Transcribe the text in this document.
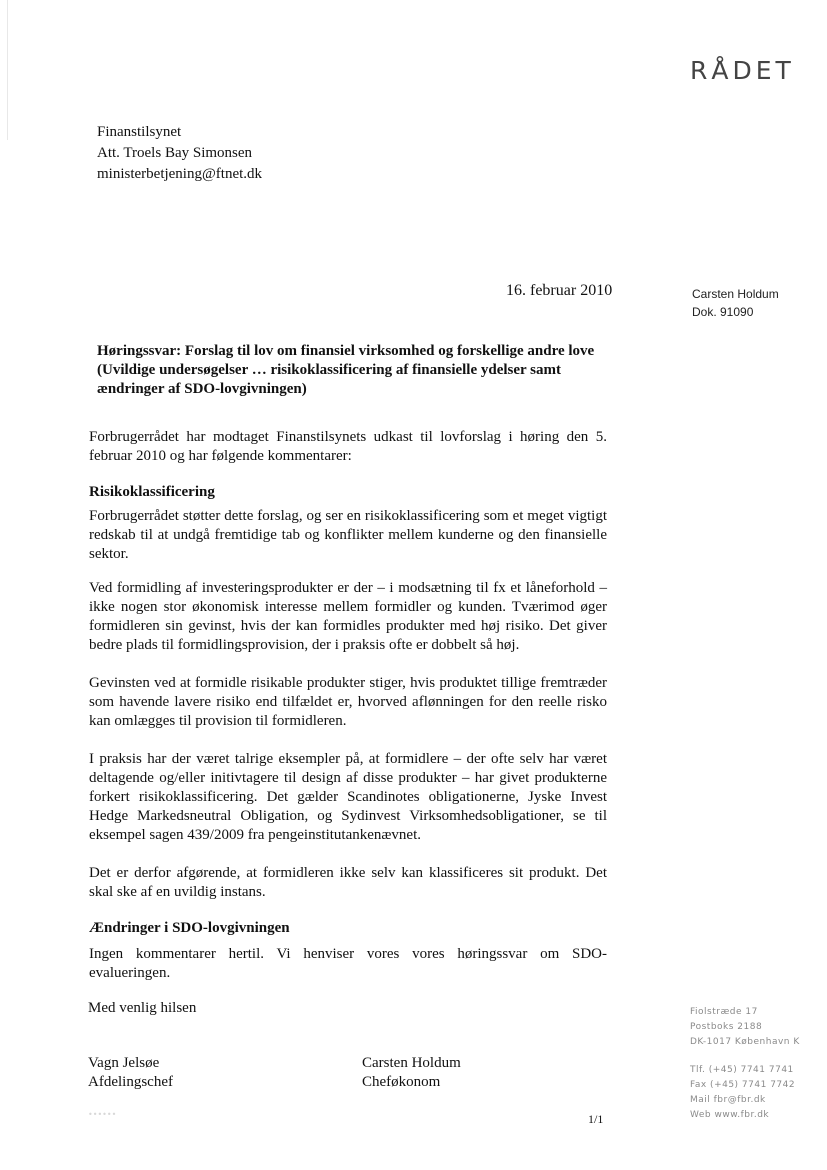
RÅDET
Finanstilsynet
Att. Troels Bay Simonsen
ministerbetjening@ftnet.dk
16. februar 2010	Carsten Holdum
Dok. 91090
Høringssvar: Forslag til lov om finansiel virksomhed og forskellige andre love (Uvildige undersøgelser … risikoklassificering af finansielle ydelser samt ændringer af SDO-lovgivningen)
Forbrugerrådet har modtaget Finanstilsynets udkast til lovforslag i høring den 5. februar 2010 og har følgende kommentarer:
Risikoklassificering
Forbrugerrådet støtter dette forslag, og ser en risikoklassificering som et meget vigtigt redskab til at undgå fremtidige tab og konflikter mellem kunderne og den finansielle sektor.
Ved formidling af investeringsprodukter er der – i modsætning til fx et låneforhold – ikke nogen stor økonomisk interesse mellem formidler og kunden. Tværimod øger formidleren sin gevinst, hvis der kan formidles produkter med høj risiko. Det giver bedre plads til formidlingsprovision, der i praksis ofte er dobbelt så høj.
Gevinsten ved at formidle risikable produkter stiger, hvis produktet tillige fremtræder som havende lavere risiko end tilfældet er, hvorved aflønningen for den reelle risko kan omlægges til provision til formidleren.
I praksis har der været talrige eksempler på, at formidlere – der ofte selv har været deltagende og/eller initivtagere til design af disse produkter – har givet produkterne forkert risikoklassificering. Det gælder Scandinotes obligationerne, Jyske Invest Hedge Markedsneutral Obligation, og Sydinvest Virksomhedsobligationer, se til eksempel sagen 439/2009 fra pengeinstitutankenævnet.
Det er derfor afgørende, at formidleren ikke selv kan klassificeres sit produkt. Det skal ske af en uvildig instans.
Ændringer i SDO-lovgivningen
Ingen kommentarer hertil. Vi henviser vores vores høringssvar om SDO-evalueringen.
Med venlig hilsen
Vagn Jelsøe
Afdelingschef
Carsten Holdum
Cheføkonom
Fiolstræde 17
Postboks 2188
DK-1017 København K
Tlf. (+45) 7741 7741
Fax (+45) 7741 7742
Mail fbr@fbr.dk
Web www.fbr.dk
••••••	1/1
